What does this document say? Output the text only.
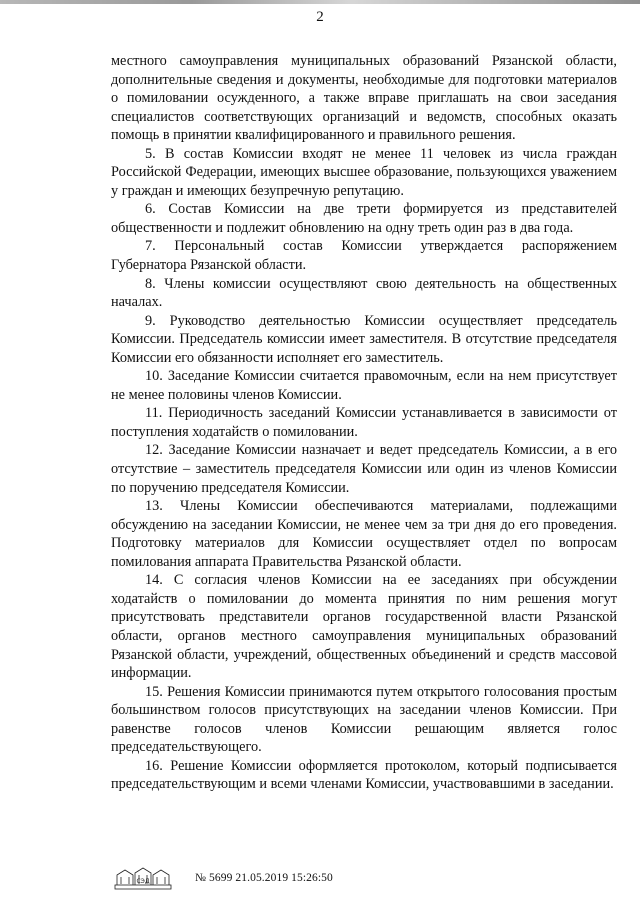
2

местного самоуправления муниципальных образований Рязанской области, дополнительные сведения и документы, необходимые для подготовки материалов о помиловании осужденного, а также вправе приглашать на свои заседания специалистов соответствующих организаций и ведомств, способных оказать помощь в принятии квалифицированного и правильного решения.

5. В состав Комиссии входят не менее 11 человек из числа граждан Российской Федерации, имеющих высшее образование, пользующихся уважением у граждан и имеющих безупречную репутацию.

6. Состав Комиссии на две трети формируется из представителей общественности и подлежит обновлению на одну треть один раз в два года.

7. Персональный состав Комиссии утверждается распоряжением Губернатора Рязанской области.

8. Члены комиссии осуществляют свою деятельность на общественных началах.

9. Руководство деятельностью Комиссии осуществляет председатель Комиссии. Председатель комиссии имеет заместителя. В отсутствие председателя Комиссии его обязанности исполняет его заместитель.

10. Заседание Комиссии считается правомочным, если на нем присутствует не менее половины членов Комиссии.

11. Периодичность заседаний Комиссии устанавливается в зависимости от поступления ходатайств о помиловании.

12. Заседание Комиссии назначает и ведет председатель Комиссии, а в его отсутствие – заместитель председателя Комиссии или один из членов Комиссии по поручению председателя Комиссии.

13. Члены Комиссии обеспечиваются материалами, подлежащими обсуждению на заседании Комиссии, не менее чем за три дня до его проведения. Подготовку материалов для Комиссии осуществляет отдел по вопросам помилования аппарата Правительства Рязанской области.

14. С согласия членов Комиссии на ее заседаниях при обсуждении ходатайств о помиловании до момента принятия по ним решения могут присутствовать представители органов государственной власти Рязанской области, органов местного самоуправления муниципальных образований Рязанской области, учреждений, общественных объединений и средств массовой информации.

15. Решения Комиссии принимаются путем открытого голосования простым большинством голосов присутствующих на заседании членов Комиссии. При равенстве голосов членов Комиссии решающим является голос председательствующего.

16. Решение Комиссии оформляется протоколом, который подписывается председательствующим и всеми членами Комиссии, участвовавшими в заседании.

СЭД	№ 5699 21.05.2019 15:26:50
